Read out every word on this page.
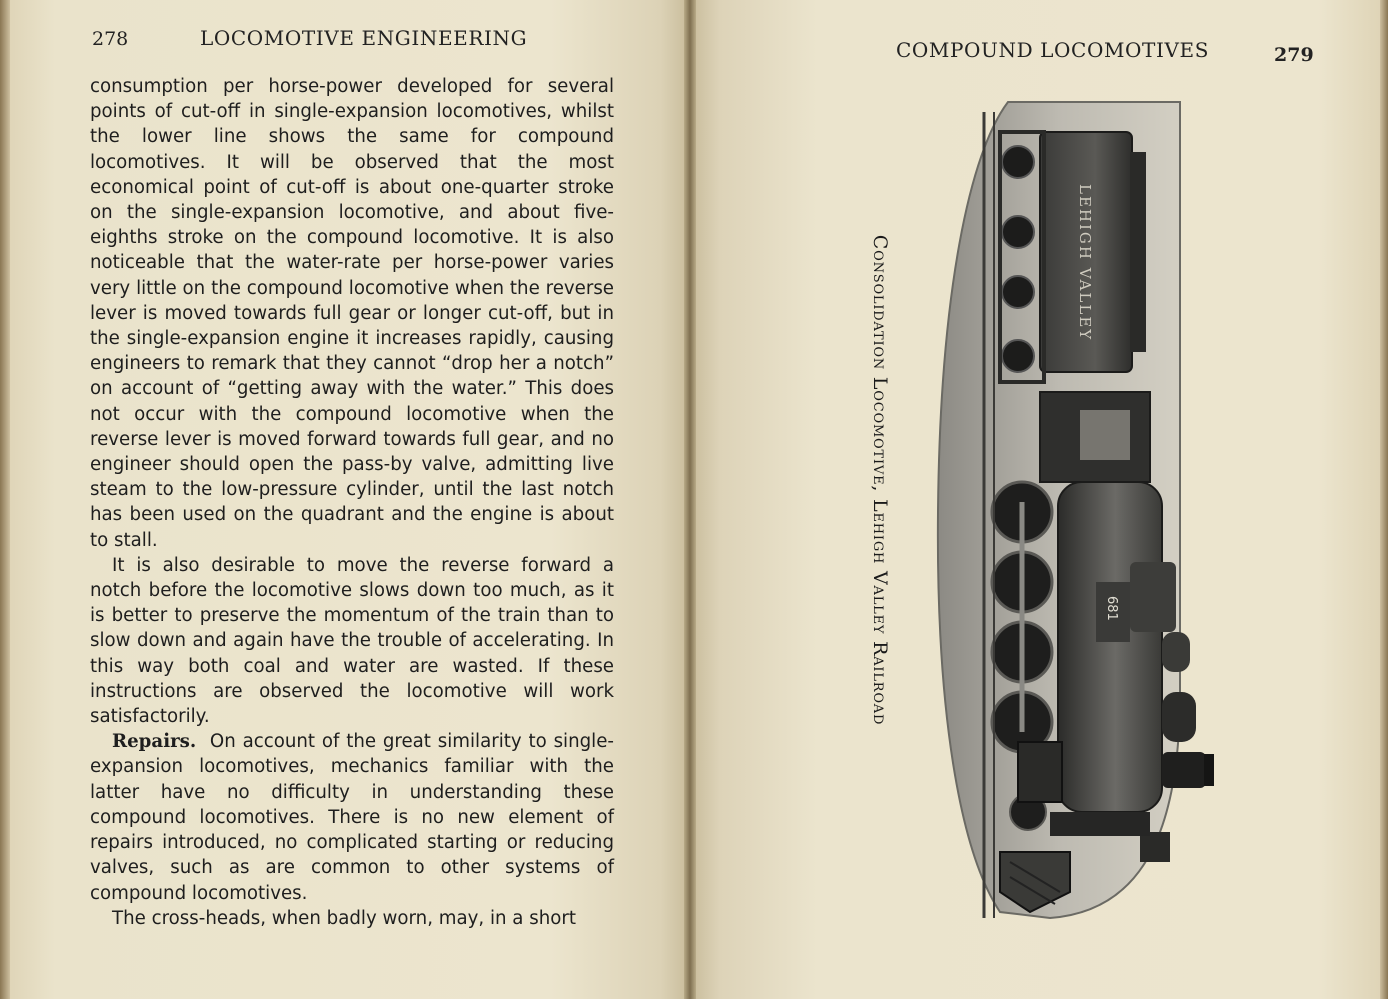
278	LOCOMOTIVE ENGINEERING

consumption per horse-power developed for several points of cut-off in single-expansion locomotives, whilst the lower line shows the same for compound locomotives. It will be observed that the most economical point of cut-off is about one-quarter stroke on the single-expansion locomotive, and about five-eighths stroke on the compound locomotive. It is also noticeable that the water-rate per horse-power varies very little on the compound locomotive when the reverse lever is moved towards full gear or longer cut-off, but in the single-expansion engine it increases rapidly, causing engineers to remark that they cannot “drop her a notch” on account of “getting away with the water.” This does not occur with the compound locomotive when the reverse lever is moved forward towards full gear, and no engineer should open the pass-by valve, admitting live steam to the low-pressure cylinder, until the last notch has been used on the quadrant and the engine is about to stall.

It is also desirable to move the reverse forward a notch before the locomotive slows down too much, as it is better to preserve the momentum of the train than to slow down and again have the trouble of accelerating. In this way both coal and water are wasted. If these instructions are observed the locomotive will work satisfactorily.

Repairs. On account of the great similarity to single-expansion locomotives, mechanics familiar with the latter have no difficulty in understanding these compound locomotives. There is no new element of repairs introduced, no complicated starting or reducing valves, such as are common to other systems of compound locomotives.

The cross-heads, when badly worn, may, in a short

COMPOUND LOCOMOTIVES	279
Consolidation Locomotive, Lehigh Valley Railroad	LEHIGH VALLEY
681
